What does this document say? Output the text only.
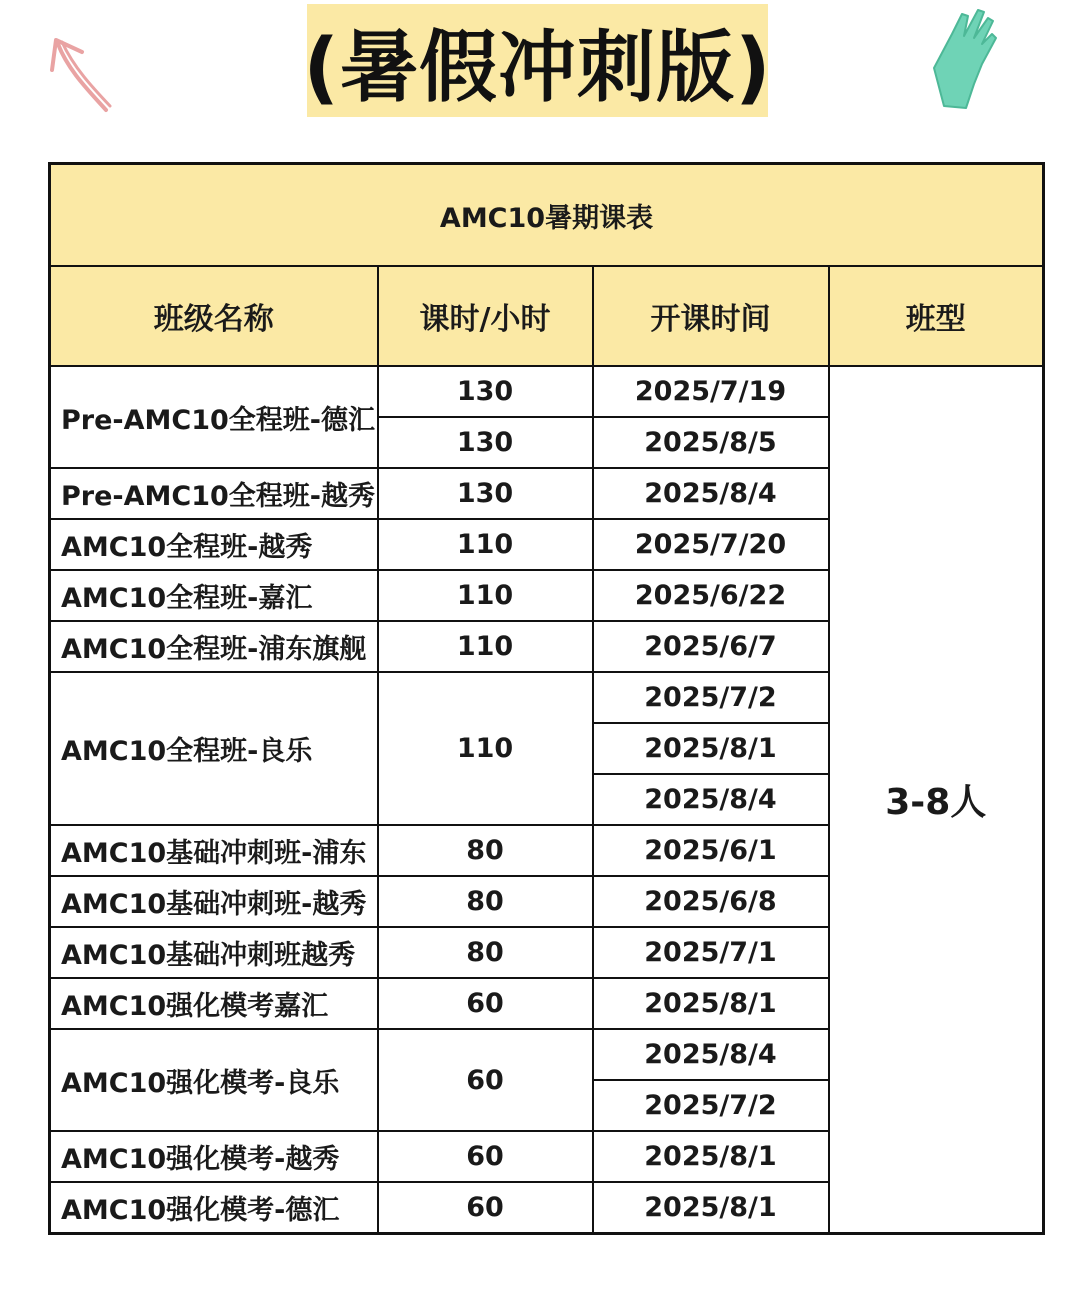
(暑假冲刺版)
AMC10暑期课表			
班级名称	课时/小时	开课时间	班型
Pre-AMC10全程班-德汇	130	2025/7/19	3-8人
	130	2025/8/5	
Pre-AMC10全程班-越秀	130	2025/8/4	
AMC10全程班-越秀	110	2025/7/20	
AMC10全程班-嘉汇	110	2025/6/22	
AMC10全程班-浦东旗舰	110	2025/6/7	
AMC10全程班-良乐	110	2025/7/2	
		2025/8/1	
		2025/8/4	
AMC10基础冲刺班-浦东	80	2025/6/1	
AMC10基础冲刺班-越秀	80	2025/6/8	
AMC10基础冲刺班越秀	80	2025/7/1	
AMC10强化模考嘉汇	60	2025/8/1	
AMC10强化模考-良乐	60	2025/8/4	
		2025/7/2	
AMC10强化模考-越秀	60	2025/8/1	
AMC10强化模考-德汇	60	2025/8/1	
